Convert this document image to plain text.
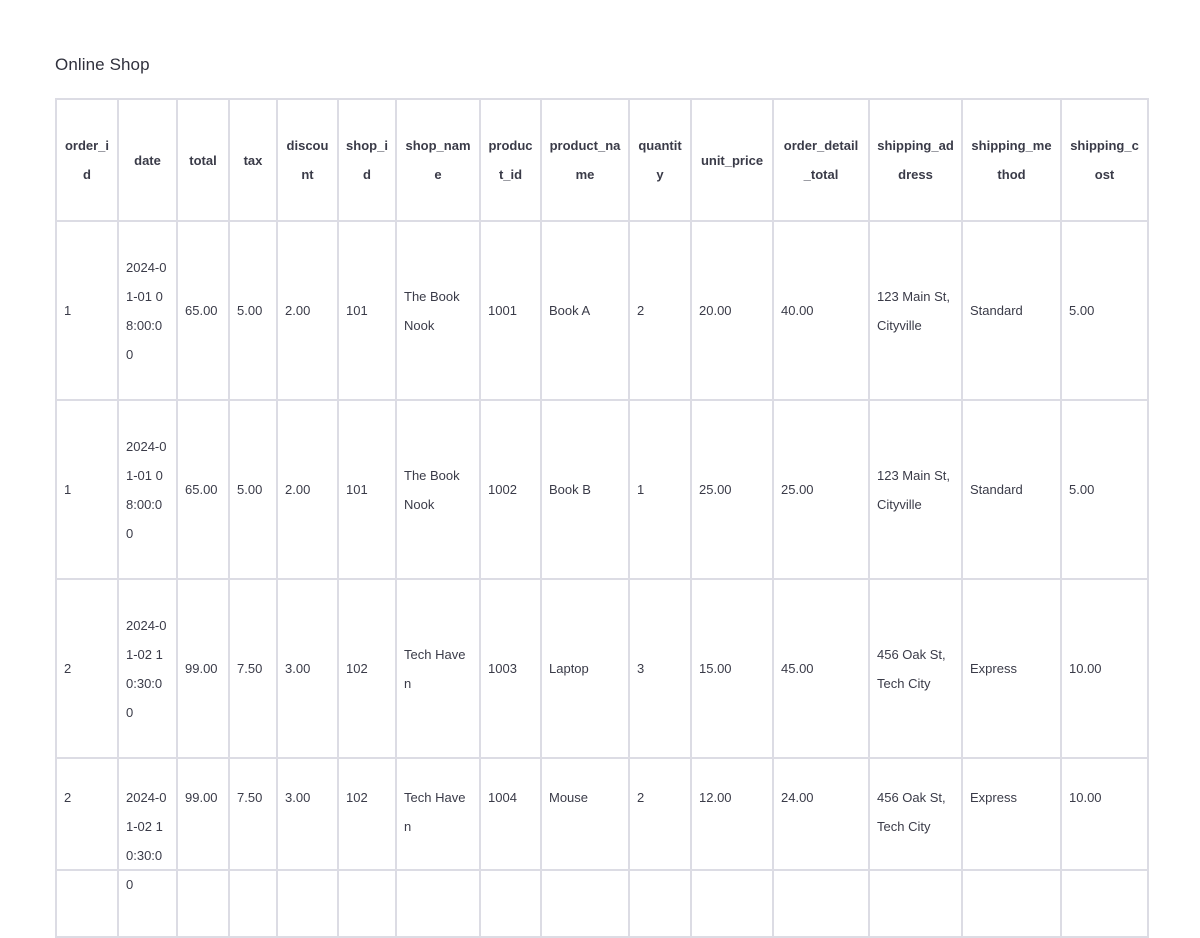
Online Shop
order_id	date	total	tax	discount	shop_id	shop_name	product_id	product_name	quantity	unit_price	order_detail_total	shipping_address	shipping_method	shipping_cost
1	2024-01-01 08:00:00	65.00	5.00	2.00	101	The Book Nook	1001	Book A	2	20.00	40.00	123 Main St, Cityville	Standard	5.00
1	2024-01-01 08:00:00	65.00	5.00	2.00	101	The Book Nook	1002	Book B	1	25.00	25.00	123 Main St, Cityville	Standard	5.00
2	2024-01-02 10:30:00	99.00	7.50	3.00	102	Tech Haven	1003	Laptop	3	15.00	45.00	456 Oak St, Tech City	Express	10.00
2	2024-01-02 10:30:00	99.00	7.50	3.00	102	Tech Haven	1004	Mouse	2	12.00	24.00	456 Oak St, Tech City	Express	10.00
